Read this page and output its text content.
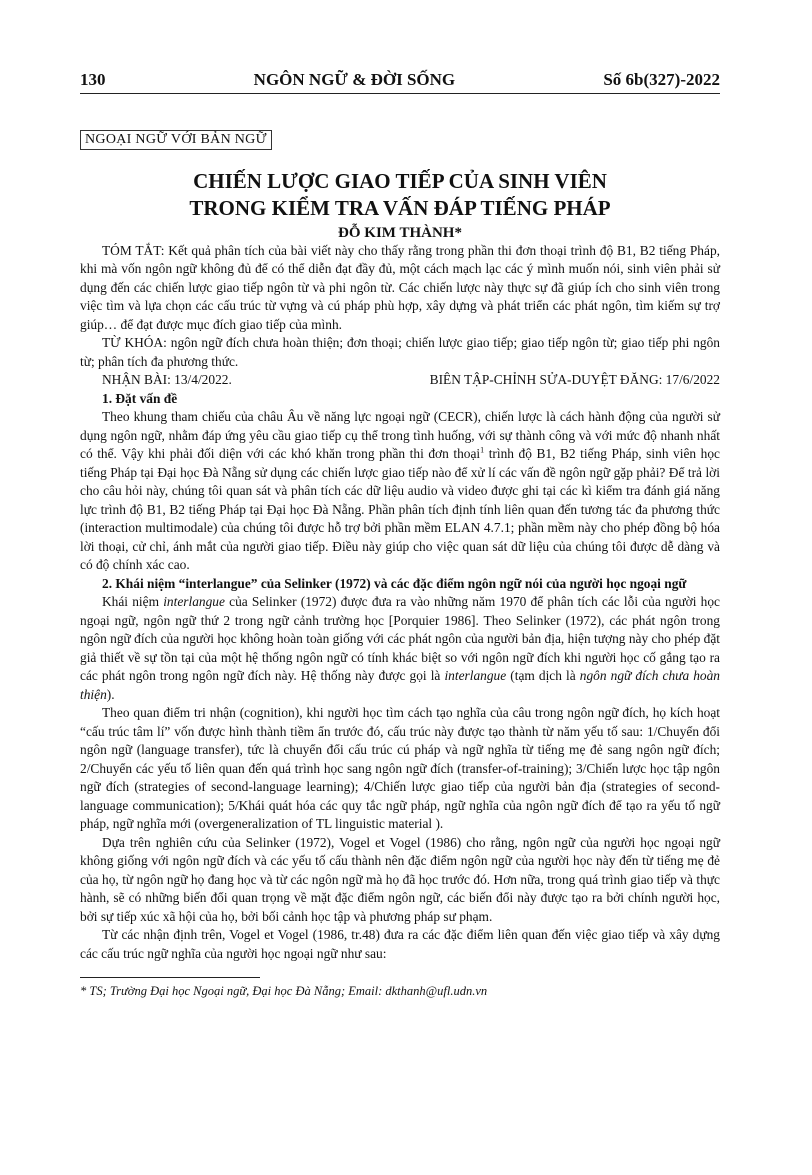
130	NGÔN NGỮ & ĐỜI SỐNG	Số 6b(327)-2022
NGOẠI NGỮ VỚI BẢN NGỮ
CHIẾN LƯỢC GIAO TIẾP CỦA SINH VIÊN
TRONG KIỂM TRA VẤN ĐÁP TIẾNG PHÁP
ĐỖ KIM THÀNH*

TÓM TẮT: Kết quả phân tích của bài viết này cho thấy rằng trong phần thi đơn thoại trình độ B1, B2 tiếng Pháp, khi mà vốn ngôn ngữ không đủ để có thể diễn đạt đầy đủ, một cách mạch lạc các ý mình muốn nói, sinh viên phải sử dụng đến các chiến lược giao tiếp ngôn từ và phi ngôn từ. Các chiến lược này thực sự đã giúp ích cho sinh viên trong việc tìm và lựa chọn các cấu trúc từ vựng và cú pháp phù hợp, xây dựng và phát triển các phát ngôn, tìm kiếm sự trợ giúp… để đạt được mục đích giao tiếp của mình.

TỪ KHÓA: ngôn ngữ đích chưa hoàn thiện; đơn thoại; chiến lược giao tiếp; giao tiếp ngôn từ; giao tiếp phi ngôn từ; phân tích đa phương thức.

NHẬN BÀI: 13/4/2022.	BIÊN TẬP-CHỈNH SỬA-DUYỆT ĐĂNG: 17/6/2022
1. Đặt vấn đề

Theo khung tham chiếu của châu Âu về năng lực ngoại ngữ (CECR), chiến lược là cách hành động của người sử dụng ngôn ngữ, nhằm đáp ứng yêu cầu giao tiếp cụ thể trong tình huống, với sự thành công và với mức độ nhanh nhất có thể. Vậy khi phải đối diện với các khó khăn trong phần thi đơn thoại$^1$ trình độ B1, B2 tiếng Pháp, sinh viên học tiếng Pháp tại Đại học Đà Nẵng sử dụng các chiến lược giao tiếp nào để xử lí các vấn đề ngôn ngữ gặp phải? Để trả lời cho câu hỏi này, chúng tôi quan sát và phân tích các dữ liệu audio và video được ghi tại các kì kiểm tra đánh giá năng lực trình độ B1, B2 tiếng Pháp tại Đại học Đà Nẵng. Phần phân tích định tính liên quan đến tương tác đa phương thức (interaction multimodale) của chúng tôi được hỗ trợ bởi phần mềm ELAN 4.7.1; phần mềm này cho phép đồng bộ hóa lời thoại, cử chỉ, ánh mắt của người giao tiếp. Điều này giúp cho việc quan sát dữ liệu của chúng tôi được dễ dàng và có độ chính xác cao.

2. Khái niệm “interlangue” của Selinker (1972) và các đặc điểm ngôn ngữ nói của người học ngoại ngữ

Khái niệm interlangue của Selinker (1972) được đưa ra vào những năm 1970 để phân tích các lỗi của người học ngoại ngữ, ngôn ngữ thứ 2 trong ngữ cảnh trường học [Porquier 1986]. Theo Selinker (1972), các phát ngôn trong ngôn ngữ đích của người học không hoàn toàn giống với các phát ngôn của người bản địa, hiện tượng này cho phép đặt giả thiết về sự tồn tại của một hệ thống ngôn ngữ có tính khác biệt so với ngôn ngữ đích khi người học cố gắng tạo ra các phát ngôn trong ngôn ngữ đích này. Hệ thống này được gọi là interlangue (tạm dịch là ngôn ngữ đích chưa hoàn thiện).

Theo quan điểm tri nhận (cognition), khi người học tìm cách tạo nghĩa của câu trong ngôn ngữ đích, họ kích hoạt “cấu trúc tâm lí” vốn được hình thành tiềm ẩn trước đó, cấu trúc này được tạo thành từ năm yếu tố sau: 1/Chuyển đổi ngôn ngữ (language transfer), tức là chuyển đổi cấu trúc cú pháp và ngữ nghĩa từ tiếng mẹ đẻ sang ngôn ngữ đích; 2/Chuyển các yếu tố liên quan đến quá trình học sang ngôn ngữ đích (transfer-of-training); 3/Chiến lược học tập ngôn ngữ đích (strategies of second-language learning); 4/Chiến lược giao tiếp của người bản địa (strategies of second-language communication); 5/Khái quát hóa các quy tắc ngữ pháp, ngữ nghĩa của ngôn ngữ đích để tạo ra yếu tố ngữ pháp, ngữ nghĩa mới (overgeneralization of TL linguistic material ).

Dựa trên nghiên cứu của Selinker (1972), Vogel et Vogel (1986) cho rằng, ngôn ngữ của người học ngoại ngữ không giống với ngôn ngữ đích và các yếu tố cấu thành nên đặc điểm ngôn ngữ của người học này đến từ tiếng mẹ đẻ của họ, từ ngôn ngữ họ đang học và từ các ngôn ngữ mà họ đã học trước đó. Hơn nữa, trong quá trình giao tiếp và thực hành, sẽ có những biến đổi quan trọng về mặt đặc điểm ngôn ngữ, các biến đổi này được tạo ra bởi chính người học, bởi sự tiếp xúc xã hội của họ, bởi bối cảnh học tập và phương pháp sư phạm.

Từ các nhận định trên, Vogel et Vogel (1986, tr.48) đưa ra các đặc điểm liên quan đến việc giao tiếp và xây dựng các cấu trúc ngữ nghĩa của người học ngoại ngữ như sau:

* TS; Trường Đại học Ngoại ngữ, Đại học Đà Nẵng; Email: dkthanh@ufl.udn.vn
